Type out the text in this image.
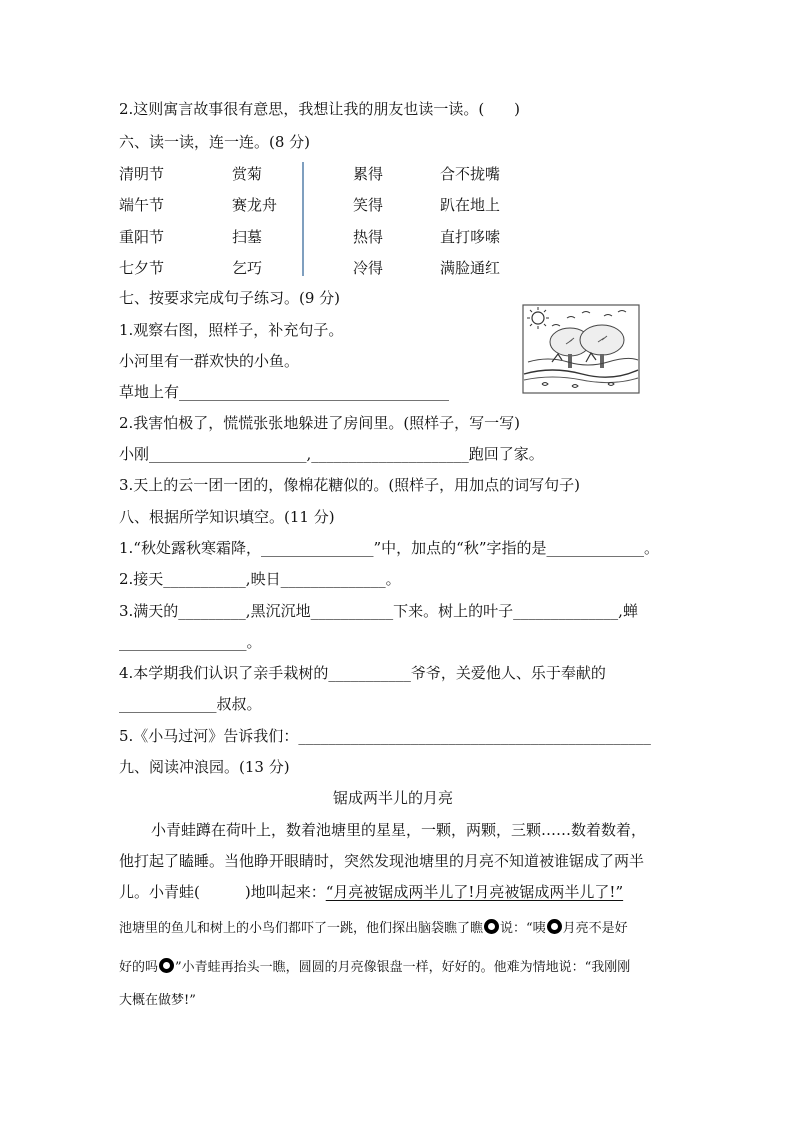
2.这则寓言故事很有意思，我想让我的朋友也读一读。(　　)
六、读一读，连一连。(8 分)
清明节
端午节
重阳节
七夕节
赏菊
赛龙舟
扫墓
乞巧
累得
笑得
热得
冷得
合不拢嘴
趴在地上
直打哆嗦
满脸通红
七、按要求完成句子练习。(9 分)
1.观察右图，照样子，补充句子。
小河里有一群欢快的小鱼。
草地上有____________________________________
2.我害怕极了，慌慌张张地躲进了房间里。(照样子，写一写)
小刚_____________________,_____________________跑回了家。
3.天上的云一团一团的，像棉花糖似的。(照样子，用加点的词写句子)
八、根据所学知识填空。(11 分)
1.“秋处露秋寒霜降，_______________”中，加点的“秋”字指的是_____________。
2.接天___________,映日______________。
3.满天的_________,黑沉沉地___________下来。树上的叶子______________,蝉
_________________。
4.本学期我们认识了亲手栽树的___________爷爷，关爱他人、乐于奉献的
_____________叔叔。
5.《小马过河》告诉我们：_______________________________________________
九、阅读冲浪园。(13 分)
锯成两半儿的月亮
小青蛙蹲在荷叶上，数着池塘里的星星，一颗，两颗，三颗……数着数着，
他打起了瞌睡。当他睁开眼睛时，突然发现池塘里的月亮不知道被谁锯成了两半
儿。小青蛙(　　　)地叫起来：“月亮被锯成两半儿了!月亮被锯成两半儿了!”
池塘里的鱼儿和树上的小鸟们都吓了一跳，他们探出脑袋瞧了瞧 说：“咦 月亮不是好
好的吗 ”小青蛙再抬头一瞧，圆圆的月亮像银盘一样，好好的。他难为情地说：“我刚刚
大概在做梦!”
